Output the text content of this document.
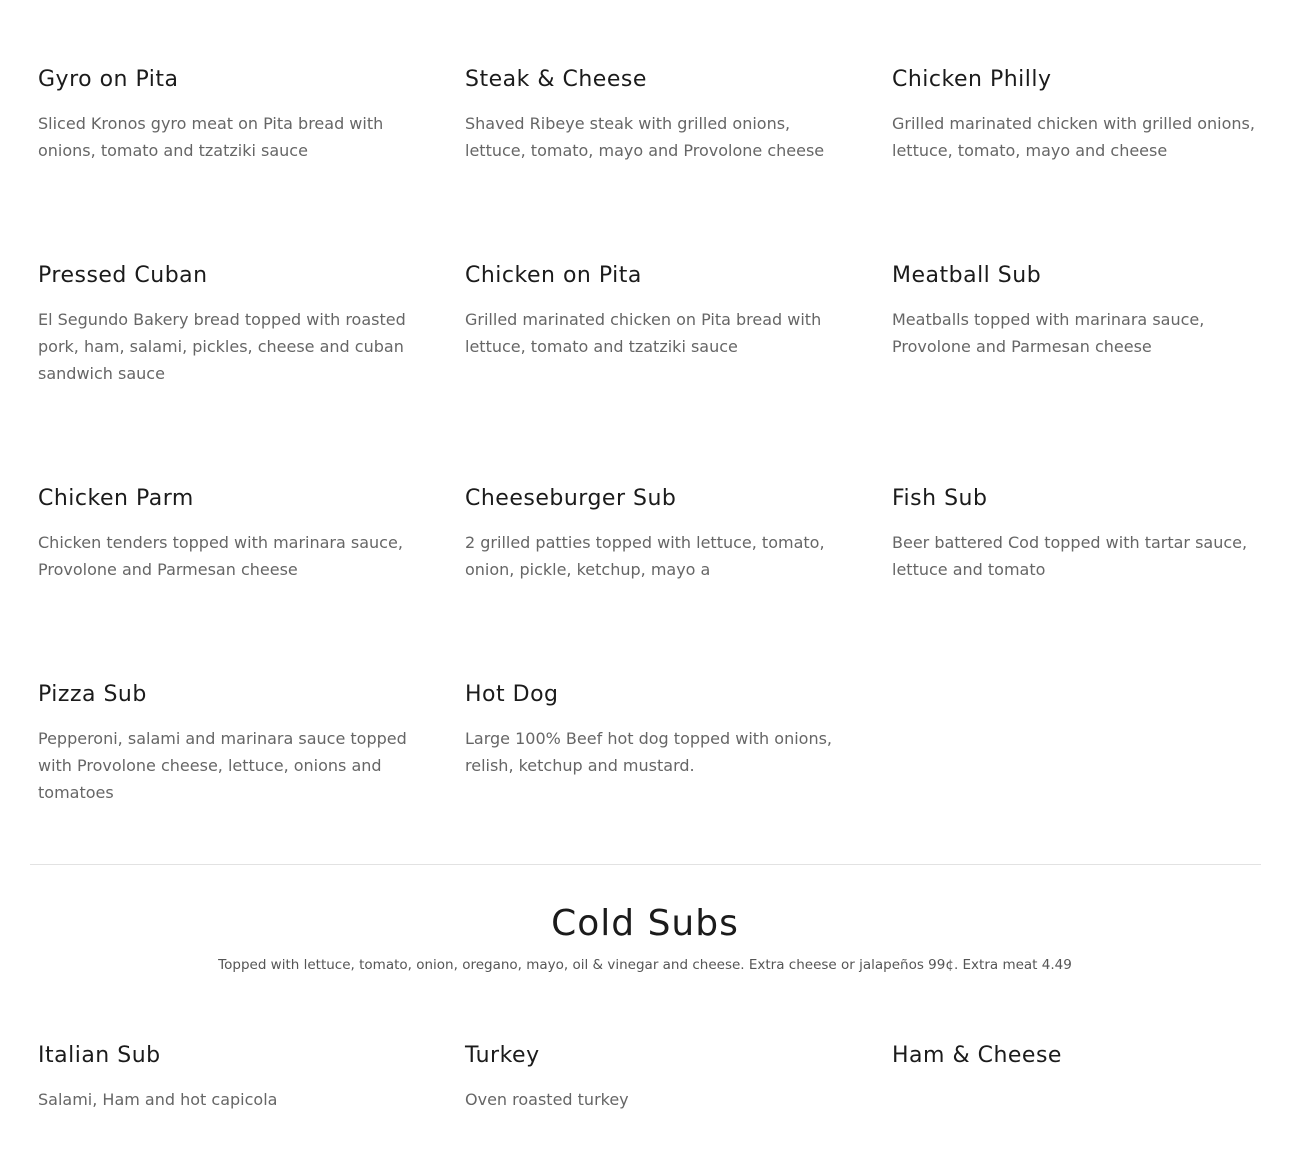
Gyro on Pita

Sliced Kronos gyro meat on Pita bread with onions, tomato and tzatziki sauce

Steak & Cheese

Shaved Ribeye steak with grilled onions, lettuce, tomato, mayo and Provolone cheese

Chicken Philly

Grilled marinated chicken with grilled onions, lettuce, tomato, mayo and cheese

Pressed Cuban

El Segundo Bakery bread topped with roasted pork, ham, salami, pickles, cheese and cuban sandwich sauce

Chicken on Pita

Grilled marinated chicken on Pita bread with lettuce, tomato and tzatziki sauce

Meatball Sub

Meatballs topped with marinara sauce, Provolone and Parmesan cheese

Chicken Parm

Chicken tenders topped with marinara sauce, Provolone and Parmesan cheese

Cheeseburger Sub

2 grilled patties topped with lettuce, tomato, onion, pickle, ketchup, mayo a

Fish Sub

Beer battered Cod topped with tartar sauce, lettuce and tomato

Pizza Sub

Pepperoni, salami and marinara sauce topped with Provolone cheese, lettuce, onions and tomatoes

Hot Dog

Large 100% Beef hot dog topped with onions, relish, ketchup and mustard.

Cold Subs

Topped with lettuce, tomato, onion, oregano, mayo, oil & vinegar and cheese. Extra cheese or jalapeños 99¢. Extra meat 4.49

Italian Sub

Salami, Ham and hot capicola

Turkey

Oven roasted turkey

Ham & Cheese
